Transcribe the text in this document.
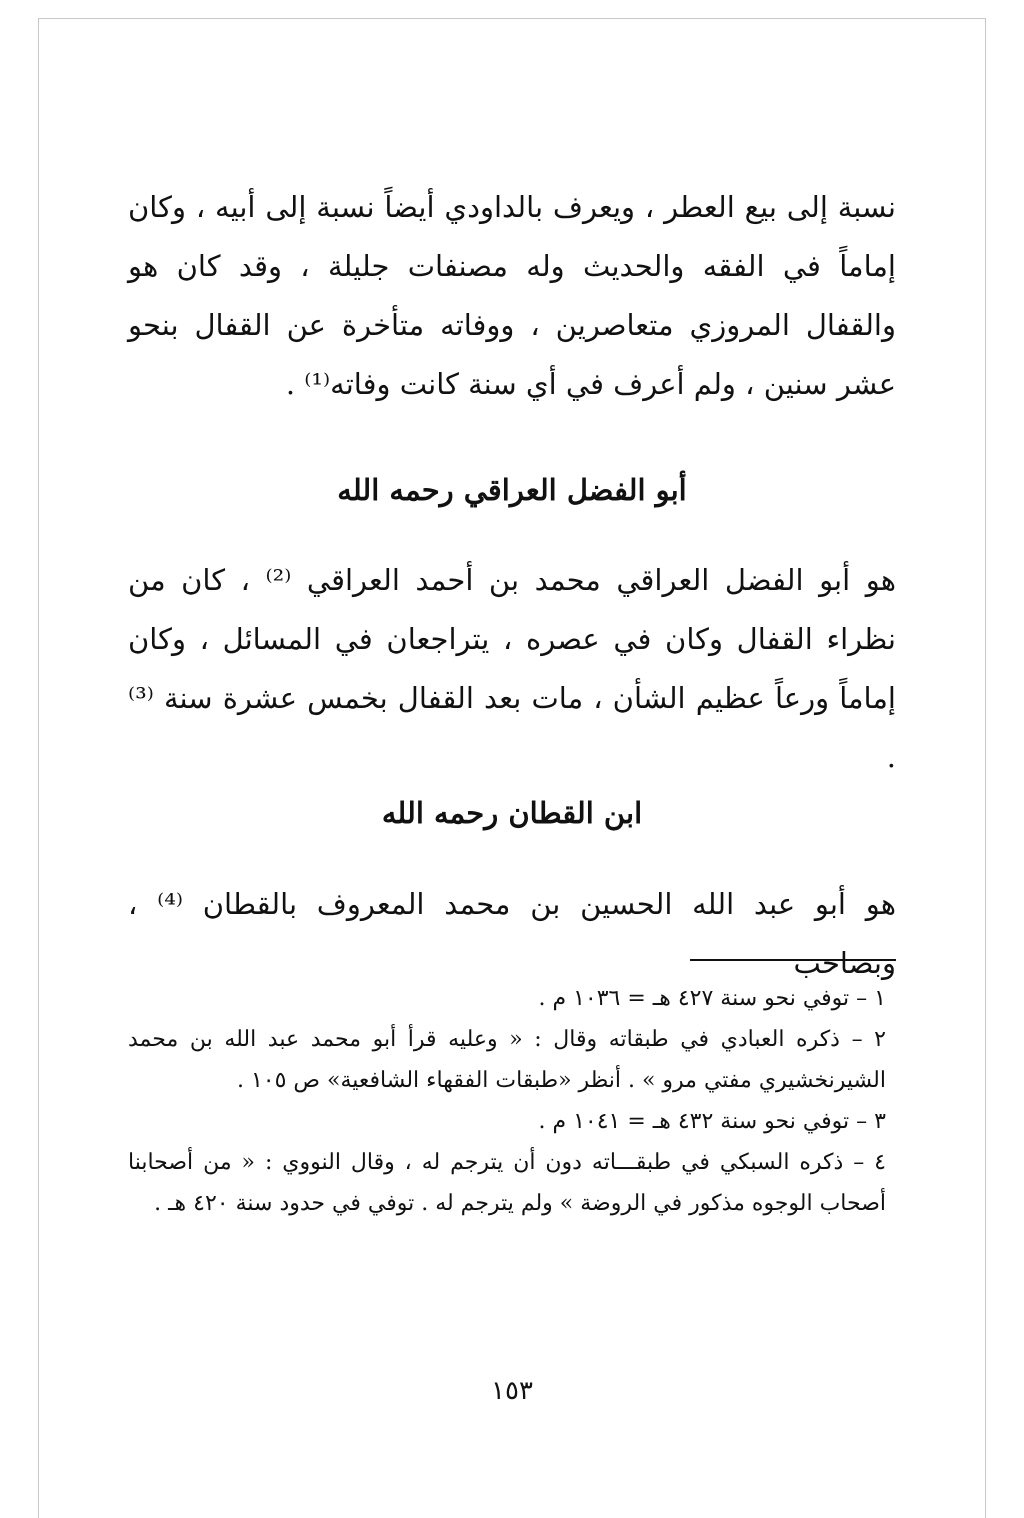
نسبة إلى بيع العطر ، ويعرف بالداودي أيضاً نسبة إلى أبيه ، وكان إماماً في الفقه والحديث وله مصنفات جليلة ، وقد كان هو والقفال المروزي متعاصرين ، ووفاته متأخرة عن القفال بنحو عشر سنين ، ولم أعرف في أي سنة كانت وفاته⁽¹⁾ .

أبو الفضل العراقي رحمه الله

هو أبو الفضل العراقي محمد بن أحمد العراقي ⁽²⁾ ، كان من نظراء القفال وكان في عصره ، يتراجعان في المسائل ، وكان إماماً ورعاً عظيم الشأن ، مات بعد القفال بخمس عشرة سنة ⁽³⁾ .

ابن القطان رحمه الله

هو أبو عبد الله الحسين بن محمد المعروف بالقطان ⁽⁴⁾ ، وبصاحب

١ – توفي نحو سنة ٤٢٧ هـ = ١٠٣٦ م .

٢ – ذكره العبادي في طبقاته وقال : « وعليه قرأ أبو محمد عبد الله بن محمد الشيرنخشيري مفتي مرو » . أنظر «طبقات الفقهاء الشافعية» ص ١٠٥ .

٣ – توفي نحو سنة ٤٣٢ هـ = ١٠٤١ م .

٤ – ذكره السبكي في طبقـــاته دون أن يترجم له ، وقال النووي : « من أصحابنا أصحاب الوجوه مذكور في الروضة » ولم يترجم له . توفي في حدود سنة ٤٢٠ هـ .

١٥٣
